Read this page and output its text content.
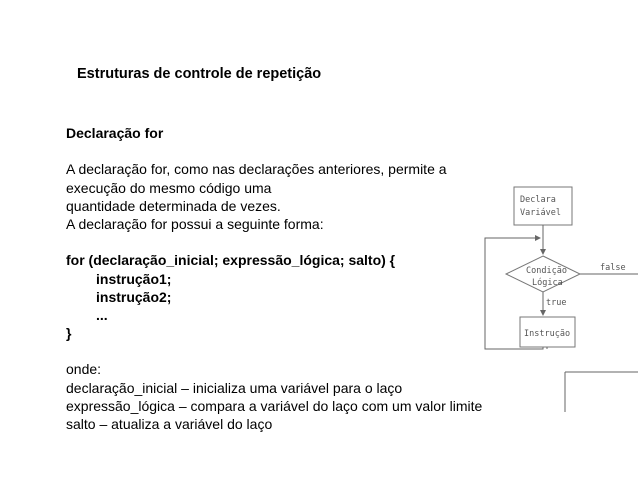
Estruturas de controle de repetição
Declaração for
A declaração for, como nas declarações anteriores, permite a
execução do mesmo código uma
quantidade determinada de vezes.
A declaração for possui a seguinte forma:
for (declaração_inicial; expressão_lógica; salto) {
instrução1;
instrução2;
...
}
onde:
declaração_inicial – inicializa uma variável para o laço
expressão_lógica – compara a variável do laço com um valor limite
salto – atualiza a variável do laço
Declara
Variável
Condição
Lógica
false
true
Instrução
